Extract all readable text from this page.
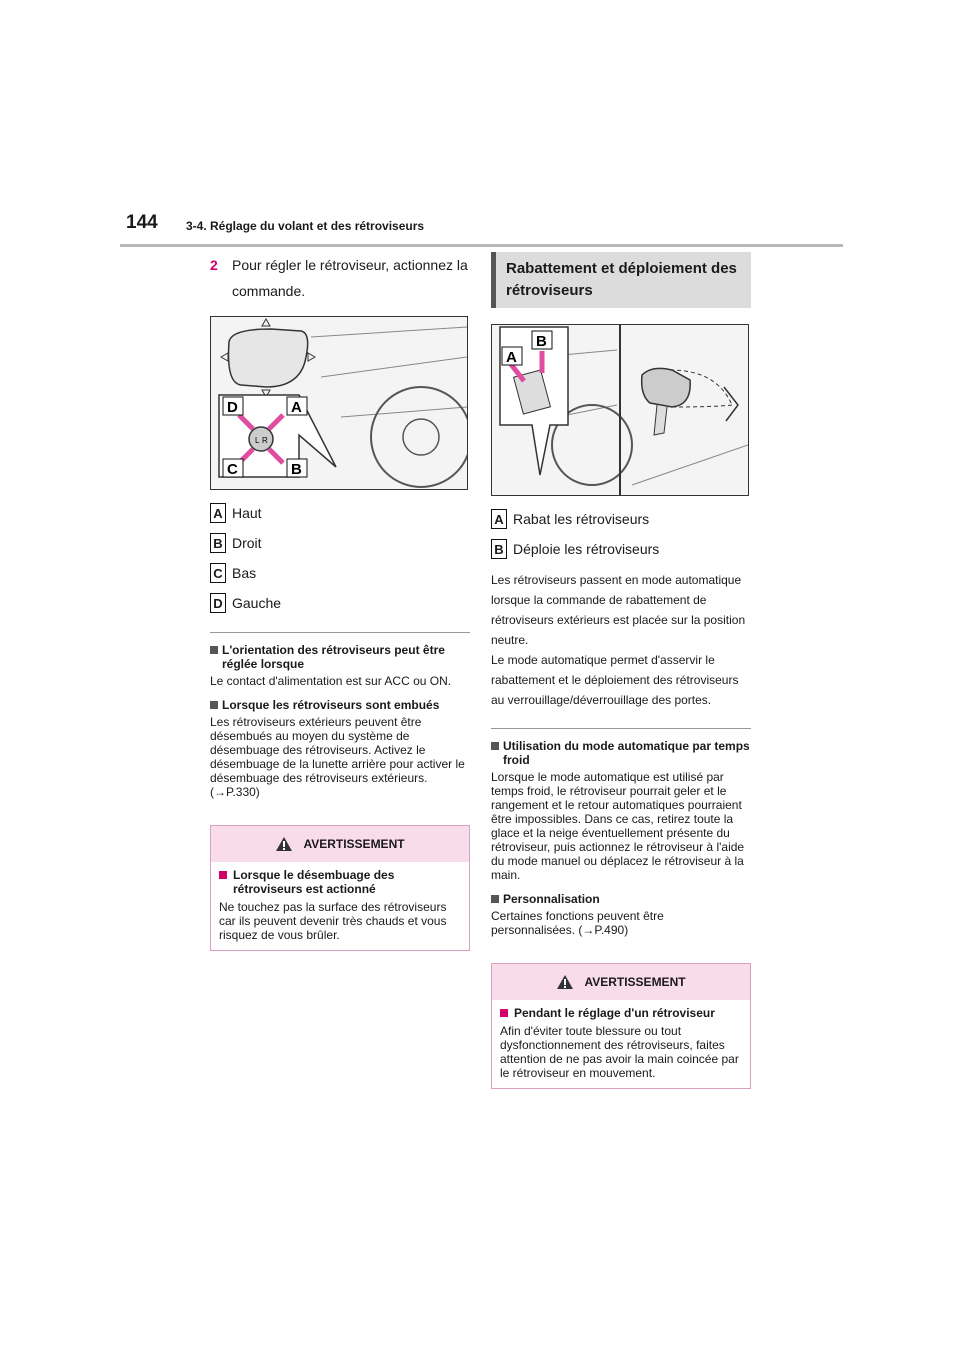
144 3-4. Réglage du volant et des rétroviseurs
2	Pour régler le rétroviseur, actionnez la commande.
L R
D	A
C	B
A Haut
B Droit
C Bas
D Gauche
L'orientation des rétroviseurs peut être réglée lorsque
Le contact d'alimentation est sur ACC ou ON.
Lorsque les rétroviseurs sont embués
Les rétroviseurs extérieurs peuvent être désembués au moyen du système de désembuage des rétroviseurs. Activez le désembuage de la lunette arrière pour activer le désembuage des rétroviseurs extérieurs. (→P.330)
AVERTISSEMENT
Lorsque le désembuage des rétroviseurs est actionné
Ne touchez pas la surface des rétroviseurs car ils peuvent devenir très chauds et vous risquez de vous brûler.
Rabattement et déploiement des rétroviseurs
A
B
A Rabat les rétroviseurs
B Déploie les rétroviseurs
Les rétroviseurs passent en mode automatique lorsque la commande de rabattement de rétroviseurs extérieurs est placée sur la position neutre.
Le mode automatique permet d'asservir le rabattement et le déploiement des rétroviseurs au verrouillage/déverrouillage des portes.
Utilisation du mode automatique par temps froid
Lorsque le mode automatique est utilisé par temps froid, le rétroviseur pourrait geler et le rangement et le retour automatiques pourraient être impossibles. Dans ce cas, retirez toute la glace et la neige éventuellement présente du rétroviseur, puis actionnez le rétroviseur à l'aide du mode manuel ou déplacez le rétroviseur à la main.
Personnalisation
Certaines fonctions peuvent être personnalisées. (→P.490)
AVERTISSEMENT
Pendant le réglage d'un rétroviseur
Afin d'éviter toute blessure ou tout dysfonctionnement des rétroviseurs, faites attention de ne pas avoir la main coincée par le rétroviseur en mouvement.
